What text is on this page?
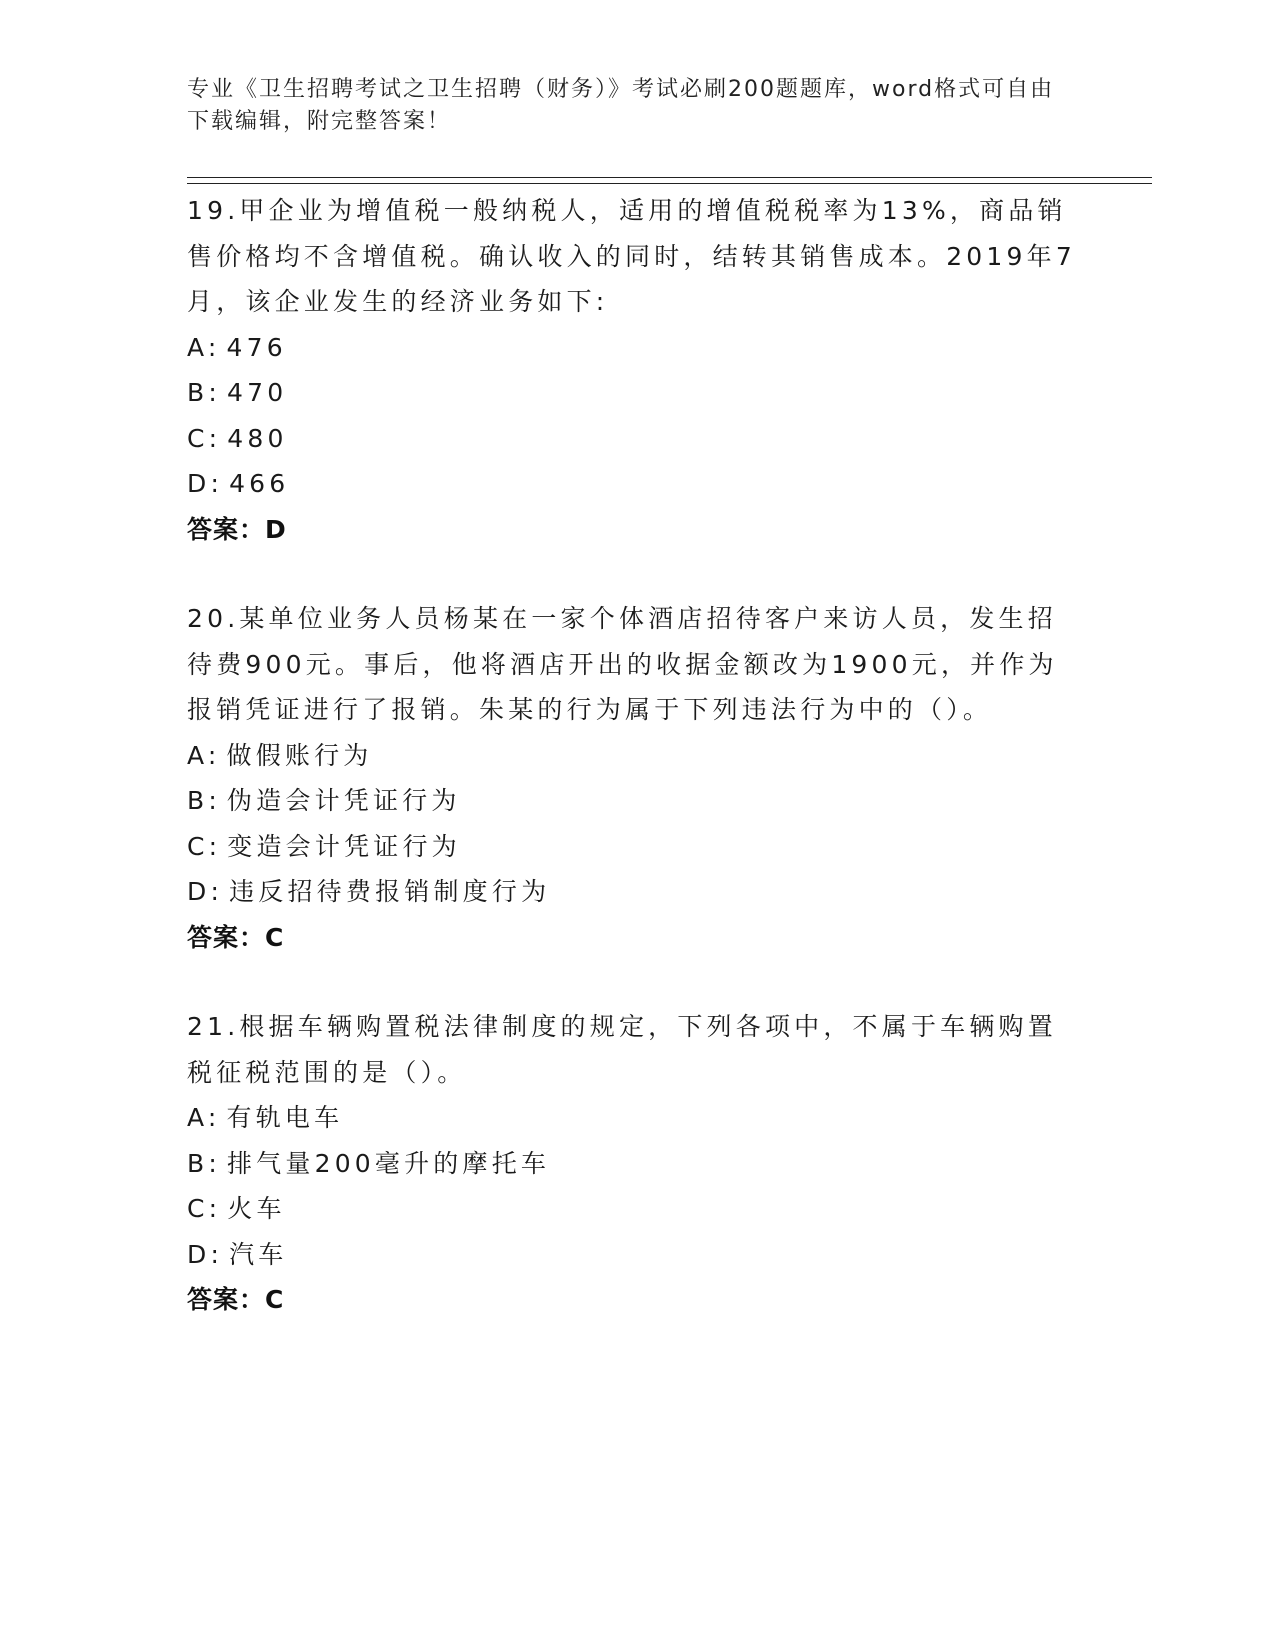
专业《卫生招聘考试之卫生招聘（财务）》考试必刷200题题库，word格式可自由下载编辑，附完整答案！
19.甲企业为增值税一般纳税人，适用的增值税税率为13%，商品销售价格均不含增值税。确认收入的同时，结转其销售成本。2019年7月，该企业发生的经济业务如下:
A: 476
B: 470
C: 480
D: 466
答案：D
20.某单位业务人员杨某在一家个体酒店招待客户来访人员，发生招待费900元。事后，他将酒店开出的收据金额改为1900元，并作为报销凭证进行了报销。朱某的行为属于下列违法行为中的（）。
A: 做假账行为
B: 伪造会计凭证行为
C: 变造会计凭证行为
D: 违反招待费报销制度行为
答案：C
21.根据车辆购置税法律制度的规定，下列各项中，不属于车辆购置税征税范围的是（）。
A: 有轨电车
B: 排气量200毫升的摩托车
C: 火车
D: 汽车
答案：C
